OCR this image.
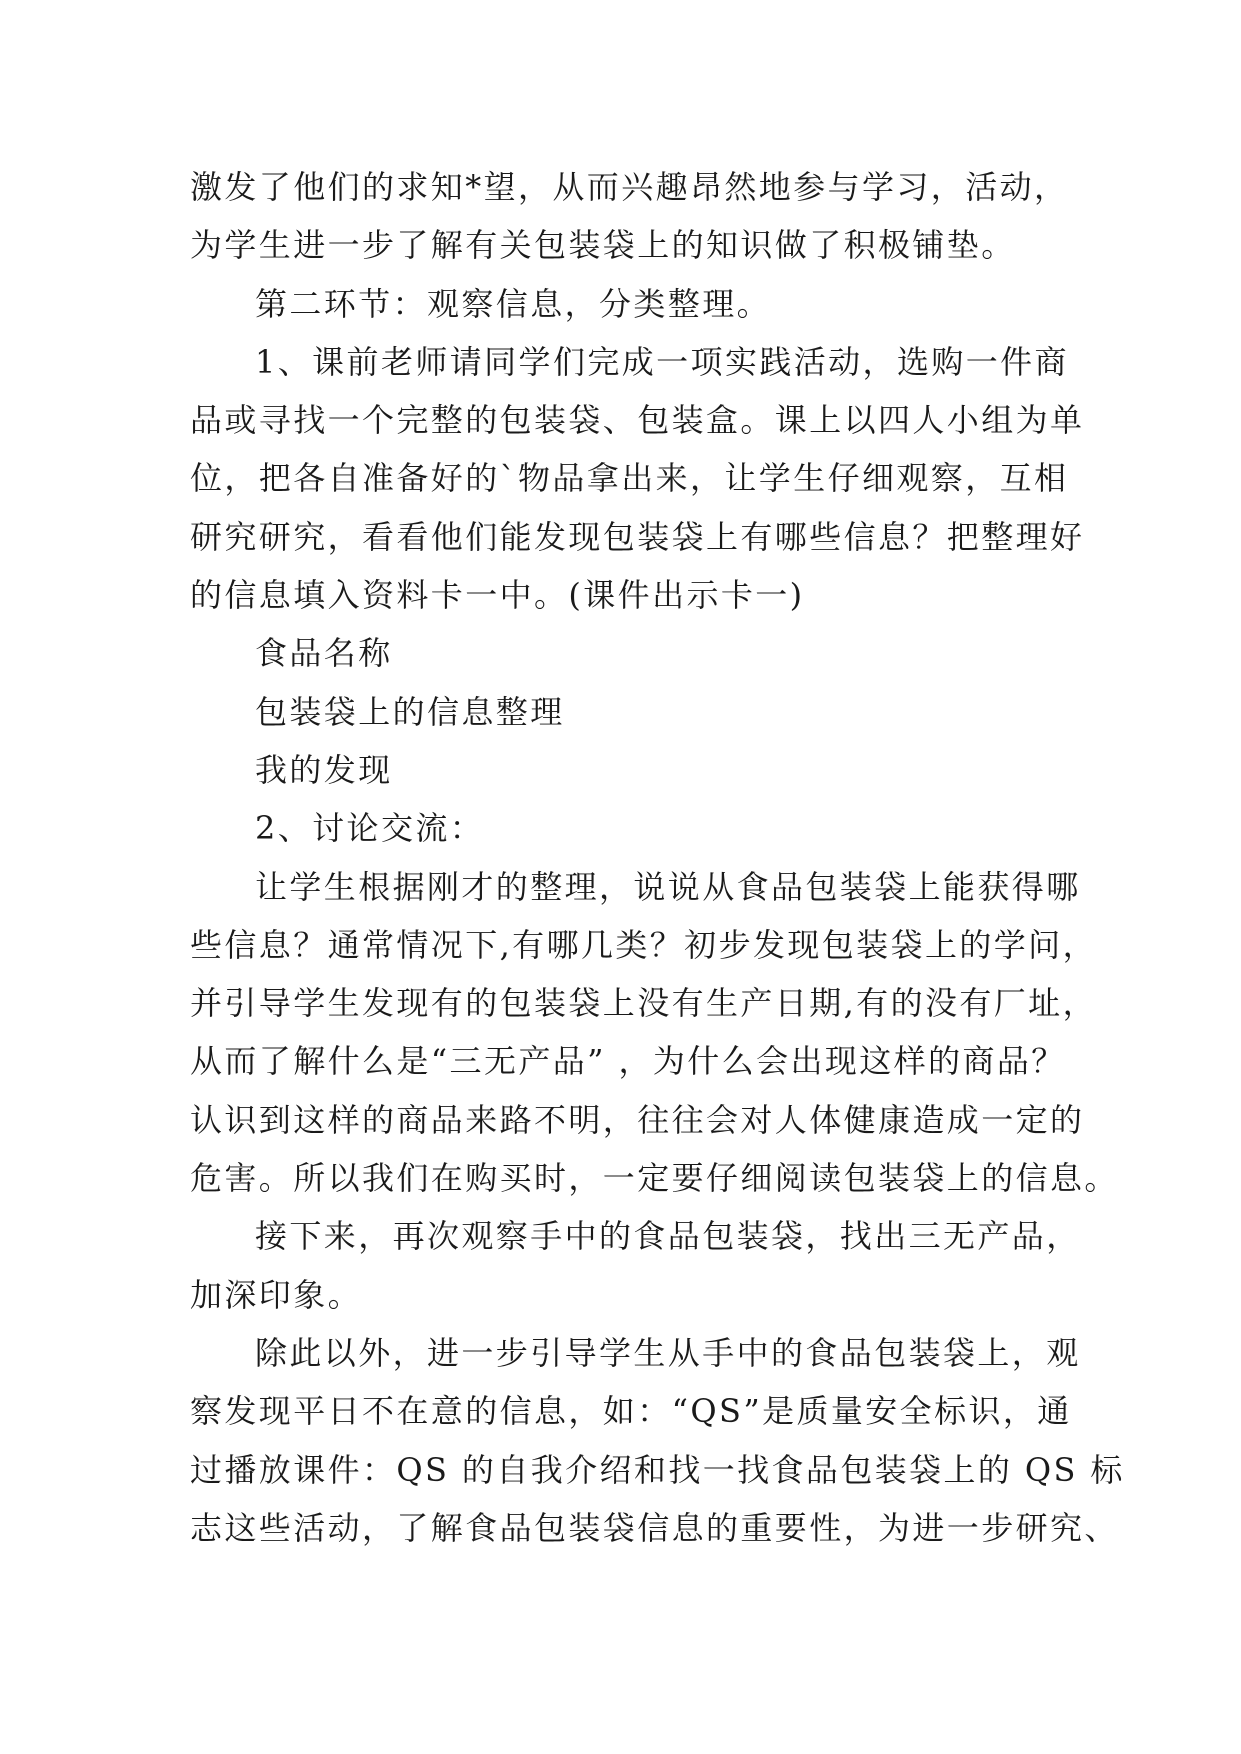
激发了他们的求知*望，从而兴趣昂然地参与学习，活动，
为学生进一步了解有关包装袋上的知识做了积极铺垫。
第二环节：观察信息，分类整理。
1、课前老师请同学们完成一项实践活动，选购一件商
品或寻找一个完整的包装袋、包装盒。课上以四人小组为单
位，把各自准备好的`物品拿出来，让学生仔细观察，互相
研究研究，看看他们能发现包装袋上有哪些信息？把整理好
的信息填入资料卡一中。(课件出示卡一)
食品名称
包装袋上的信息整理
我的发现
2、讨论交流：
让学生根据刚才的整理，说说从食品包装袋上能获得哪
些信息？通常情况下,有哪几类？初步发现包装袋上的学问，
并引导学生发现有的包装袋上没有生产日期,有的没有厂址，
从而了解什么是“三无产品” ，为什么会出现这样的商品？
认识到这样的商品来路不明，往往会对人体健康造成一定的
危害。所以我们在购买时，一定要仔细阅读包装袋上的信息。
接下来，再次观察手中的食品包装袋，找出三无产品，
加深印象。
除此以外，进一步引导学生从手中的食品包装袋上，观
察发现平日不在意的信息，如：“QS”是质量安全标识，通
过播放课件：QS 的自我介绍和找一找食品包装袋上的 QS 标
志这些活动，了解食品包装袋信息的重要性，为进一步研究、
